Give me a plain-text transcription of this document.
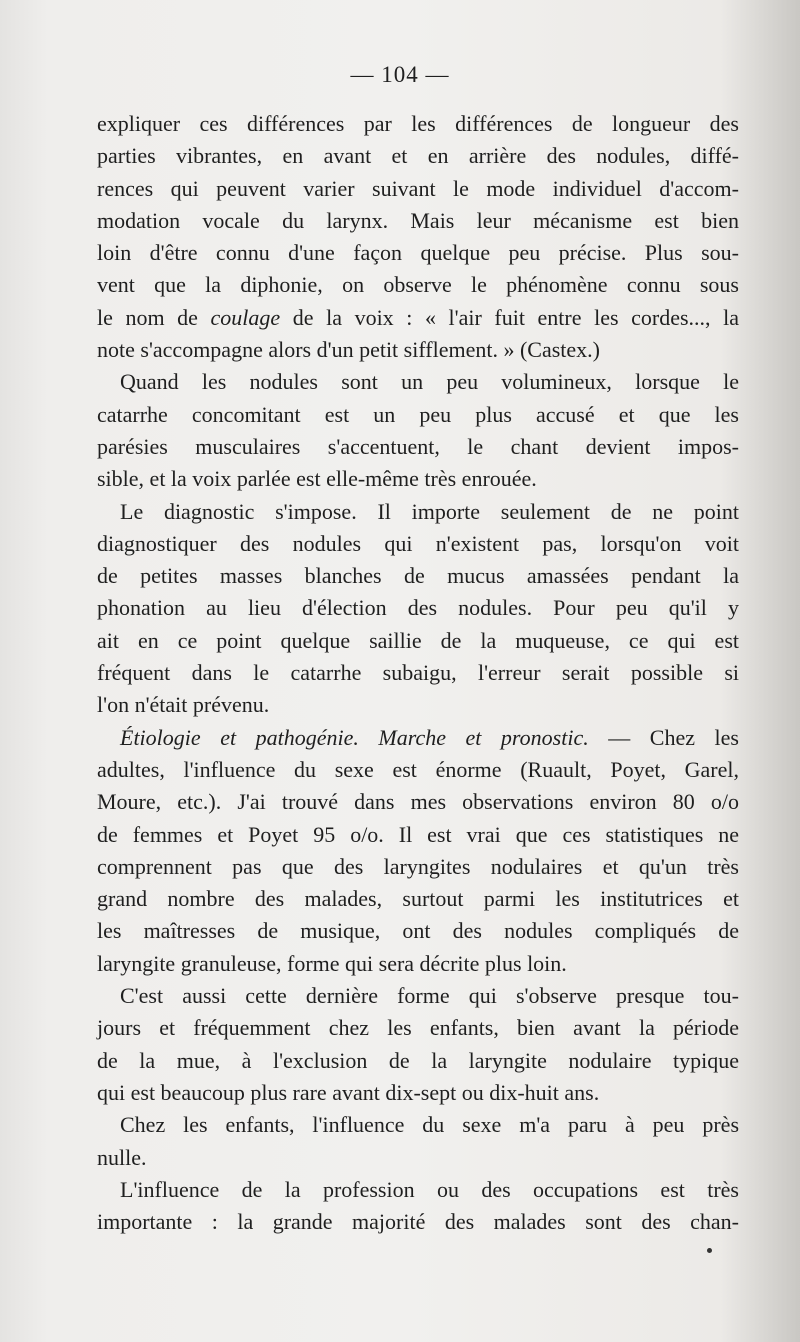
— 104 —
expliquer ces différences par les différences de longueur des
parties vibrantes, en avant et en arrière des nodules, diffé-
rences qui peuvent varier suivant le mode individuel d'accom-
modation vocale du larynx. Mais leur mécanisme est bien
loin d'être connu d'une façon quelque peu précise. Plus sou-
vent que la diphonie, on observe le phénomène connu sous
le nom de coulage de la voix : « l'air fuit entre les cordes..., la
note s'accompagne alors d'un petit sifflement. » (Castex.)
Quand les nodules sont un peu volumineux, lorsque le
catarrhe concomitant est un peu plus accusé et que les
parésies musculaires s'accentuent, le chant devient impos-
sible, et la voix parlée est elle-même très enrouée.
Le diagnostic s'impose. Il importe seulement de ne point
diagnostiquer des nodules qui n'existent pas, lorsqu'on voit
de petites masses blanches de mucus amassées pendant la
phonation au lieu d'élection des nodules. Pour peu qu'il y
ait en ce point quelque saillie de la muqueuse, ce qui est
fréquent dans le catarrhe subaigu, l'erreur serait possible si
l'on n'était prévenu.
Étiologie et pathogénie. Marche et pronostic. — Chez les
adultes, l'influence du sexe est énorme (Ruault, Poyet, Garel,
Moure, etc.). J'ai trouvé dans mes observations environ 80 o/o
de femmes et Poyet 95 o/o. Il est vrai que ces statistiques ne
comprennent pas que des laryngites nodulaires et qu'un très
grand nombre des malades, surtout parmi les institutrices et
les maîtresses de musique, ont des nodules compliqués de
laryngite granuleuse, forme qui sera décrite plus loin.
C'est aussi cette dernière forme qui s'observe presque tou-
jours et fréquemment chez les enfants, bien avant la période
de la mue, à l'exclusion de la laryngite nodulaire typique
qui est beaucoup plus rare avant dix-sept ou dix-huit ans.
Chez les enfants, l'influence du sexe m'a paru à peu près
nulle.
L'influence de la profession ou des occupations est très
importante : la grande majorité des malades sont des chan-
